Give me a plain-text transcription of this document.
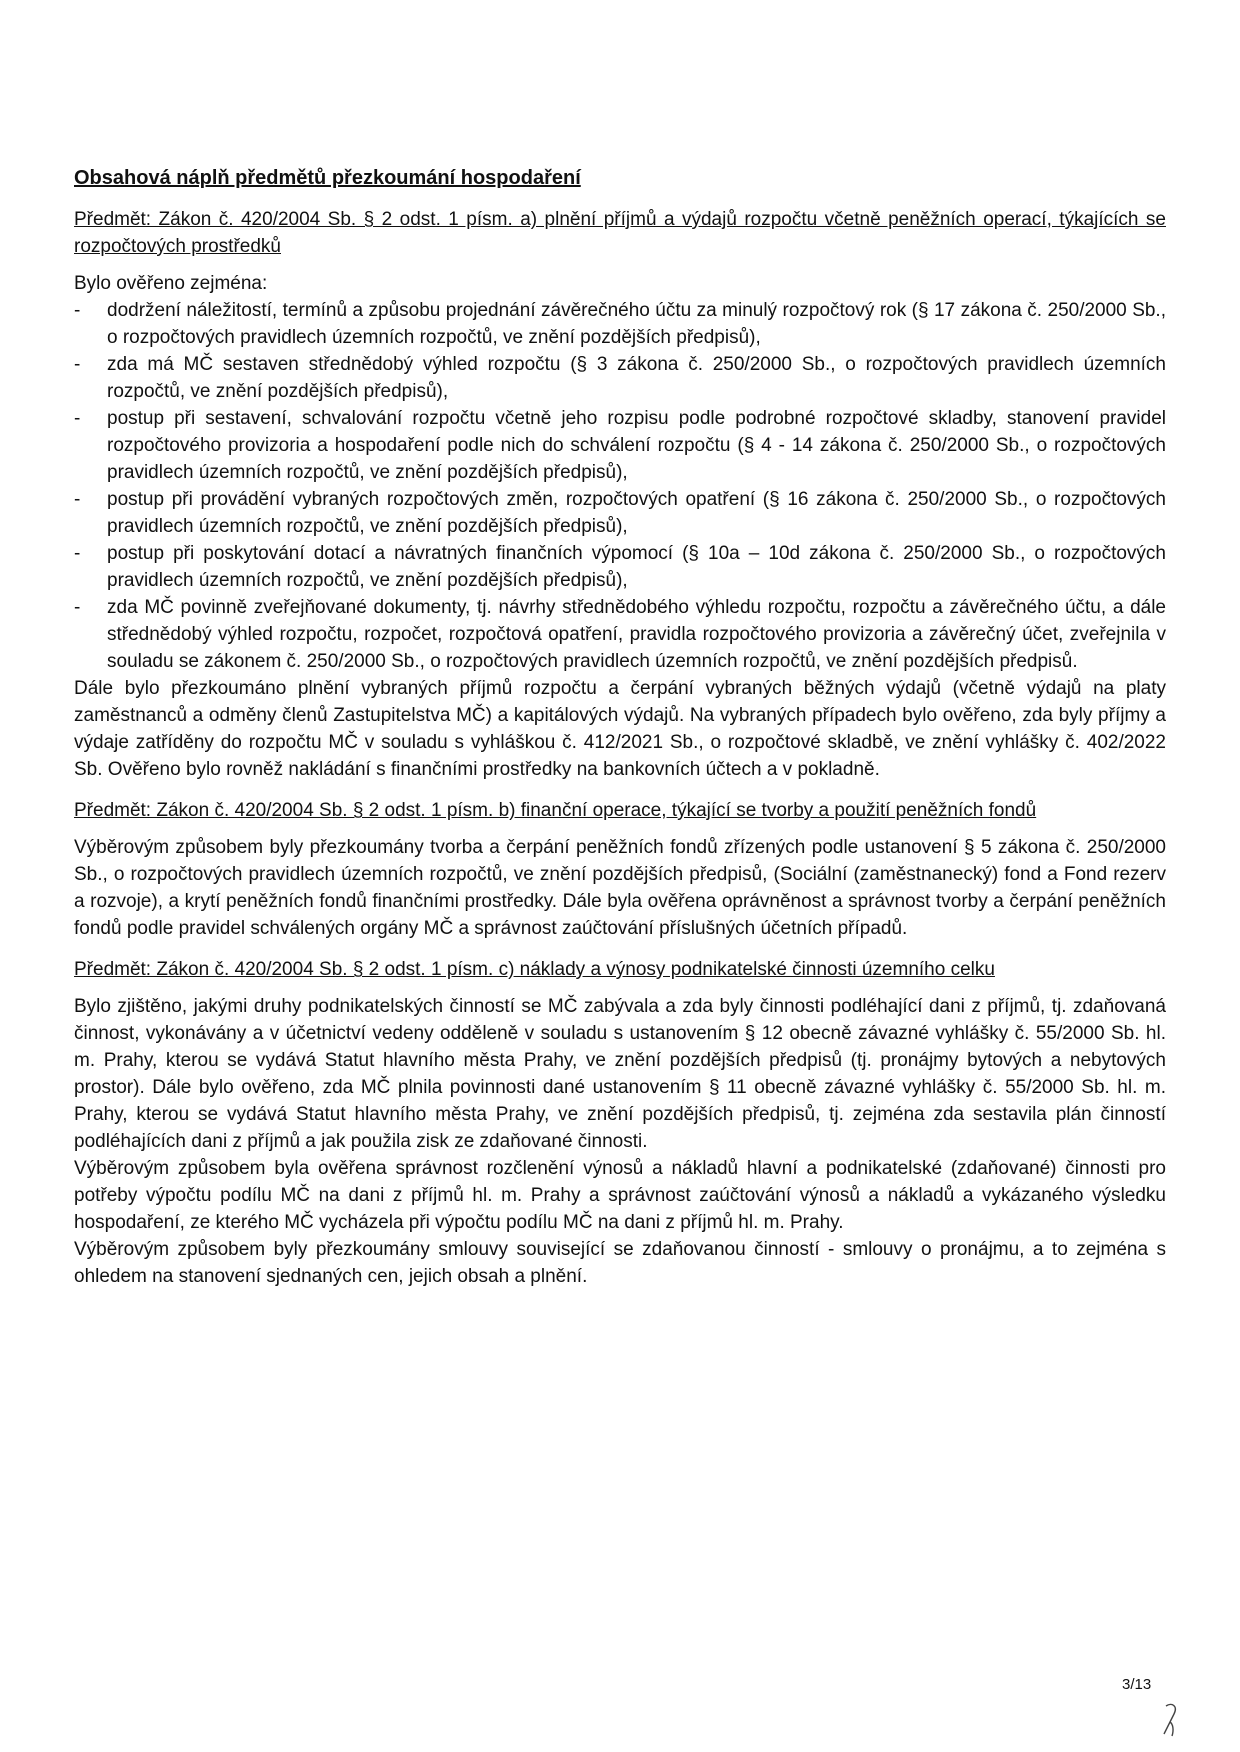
Obsahová náplň předmětů přezkoumání hospodaření
Předmět: Zákon č. 420/2004 Sb. § 2 odst. 1 písm. a) plnění příjmů a výdajů rozpočtu včetně peněžních operací, týkajících se rozpočtových prostředků
Bylo ověřeno zejména:
- dodržení náležitostí, termínů a způsobu projednání závěrečného účtu za minulý rozpočtový rok (§ 17 zákona č. 250/2000 Sb., o rozpočtových pravidlech územních rozpočtů, ve znění pozdějších předpisů),
- zda má MČ sestaven střednědobý výhled rozpočtu (§ 3 zákona č. 250/2000 Sb., o rozpočtových pravidlech územních rozpočtů, ve znění pozdějších předpisů),
- postup při sestavení, schvalování rozpočtu včetně jeho rozpisu podle podrobné rozpočtové skladby, stanovení pravidel rozpočtového provizoria a hospodaření podle nich do schválení rozpočtu (§ 4 - 14 zákona č. 250/2000 Sb., o rozpočtových pravidlech územních rozpočtů, ve znění pozdějších předpisů),
- postup při provádění vybraných rozpočtových změn, rozpočtových opatření (§ 16 zákona č. 250/2000 Sb., o rozpočtových pravidlech územních rozpočtů, ve znění pozdějších předpisů),
- postup při poskytování dotací a návratných finančních výpomocí (§ 10a – 10d zákona č. 250/2000 Sb., o rozpočtových pravidlech územních rozpočtů, ve znění pozdějších předpisů),
- zda MČ povinně zveřejňované dokumenty, tj. návrhy střednědobého výhledu rozpočtu, rozpočtu a závěrečného účtu, a dále střednědobý výhled rozpočtu, rozpočet, rozpočtová opatření, pravidla rozpočtového provizoria a závěrečný účet, zveřejnila v souladu se zákonem č. 250/2000 Sb., o rozpočtových pravidlech územních rozpočtů, ve znění pozdějších předpisů.
Dále bylo přezkoumáno plnění vybraných příjmů rozpočtu a čerpání vybraných běžných výdajů (včetně výdajů na platy zaměstnanců a odměny členů Zastupitelstva MČ) a kapitálových výdajů. Na vybraných případech bylo ověřeno, zda byly příjmy a výdaje zatříděny do rozpočtu MČ v souladu s vyhláškou č. 412/2021 Sb., o rozpočtové skladbě, ve znění vyhlášky č. 402/2022 Sb. Ověřeno bylo rovněž nakládání s finančními prostředky na bankovních účtech a v pokladně.
Předmět: Zákon č. 420/2004 Sb. § 2 odst. 1 písm. b) finanční operace, týkající se tvorby a použití peněžních fondů
Výběrovým způsobem byly přezkoumány tvorba a čerpání peněžních fondů zřízených podle ustanovení § 5 zákona č. 250/2000 Sb., o rozpočtových pravidlech územních rozpočtů, ve znění pozdějších předpisů, (Sociální (zaměstnanecký) fond a Fond rezerv a rozvoje), a krytí peněžních fondů finančními prostředky. Dále byla ověřena oprávněnost a správnost tvorby a čerpání peněžních fondů podle pravidel schválených orgány MČ a správnost zaúčtování příslušných účetních případů.
Předmět: Zákon č. 420/2004 Sb. § 2 odst. 1 písm. c) náklady a výnosy podnikatelské činnosti územního celku
Bylo zjištěno, jakými druhy podnikatelských činností se MČ zabývala a zda byly činnosti podléhající dani z příjmů, tj. zdaňovaná činnost, vykonávány a v účetnictví vedeny odděleně v souladu s ustanovením § 12 obecně závazné vyhlášky č. 55/2000 Sb. hl. m. Prahy, kterou se vydává Statut hlavního města Prahy, ve znění pozdějších předpisů (tj. pronájmy bytových a nebytových prostor). Dále bylo ověřeno, zda MČ plnila povinnosti dané ustanovením § 11 obecně závazné vyhlášky č. 55/2000 Sb. hl. m. Prahy, kterou se vydává Statut hlavního města Prahy, ve znění pozdějších předpisů, tj. zejména zda sestavila plán činností podléhajících dani z příjmů a jak použila zisk ze zdaňované činnosti.
Výběrovým způsobem byla ověřena správnost rozčlenění výnosů a nákladů hlavní a podnikatelské (zdaňované) činnosti pro potřeby výpočtu podílu MČ na dani z příjmů hl. m. Prahy a správnost zaúčtování výnosů a nákladů a vykázaného výsledku hospodaření, ze kterého MČ vycházela při výpočtu podílu MČ na dani z příjmů hl. m. Prahy.
Výběrovým způsobem byly přezkoumány smlouvy související se zdaňovanou činností - smlouvy o pronájmu, a to zejména s ohledem na stanovení sjednaných cen, jejich obsah a plnění.
3/13
